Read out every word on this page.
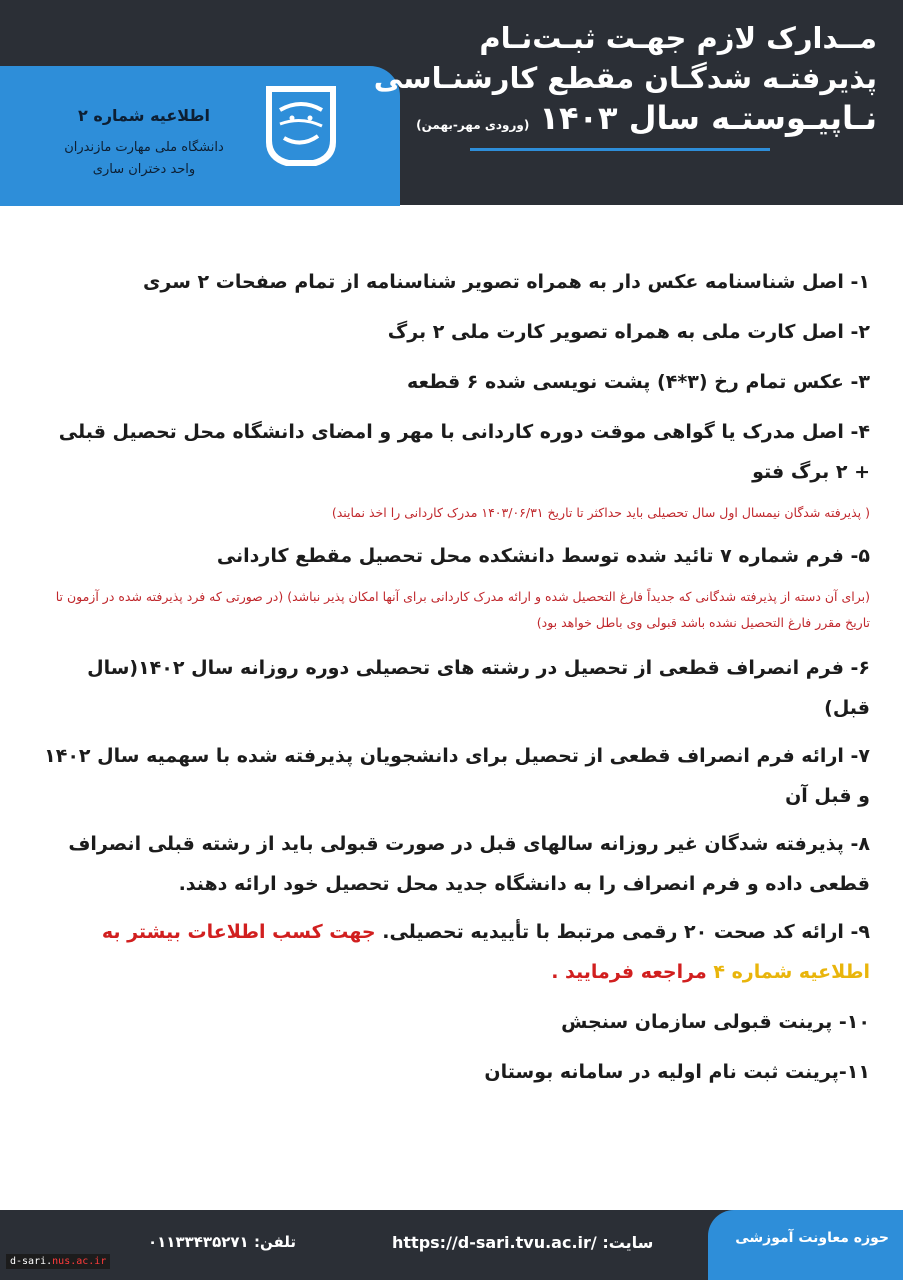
مــدارک لازم جهـت ثبـت‌نـام
پذیرفتـه شدگـان مقطع کارشنـاسی
نـاپیـوستـه سال ۱۴۰۳ (ورودی مهر-بهمن)
اطلاعیه شماره ۲
دانشگاه ملی مهارت مازندران
واحد دختران ساری
۱- اصل شناسنامه عکس دار به همراه تصویر شناسنامه از تمام صفحات ۲ سری
۲- اصل کارت ملی به همراه تصویر کارت ملی ۲ برگ
۳- عکس تمام رخ (۳*۴) پشت نویسی شده ۶ قطعه
۴- اصل مدرک یا گواهی موقت دوره کاردانی با مهر و امضای دانشگاه محل تحصیل قبلی + ۲ برگ فتو
( پذیرفته شدگان نیمسال اول سال تحصیلی باید حداکثر تا تاریخ ۱۴۰۳/۰۶/۳۱ مدرک کاردانی را اخذ نمایند)
۵- فرم شماره ۷ تائید شده توسط دانشکده محل تحصیل مقطع کاردانی
(برای آن دسته از پذیرفته شدگانی که جدیداً فارغ التحصیل شده و ارائه مدرک کاردانی برای آنها امکان پذیر نباشد) (در صورتی که فرد پذیرفته شده در آزمون تا تاریخ مقرر فارغ التحصیل نشده باشد قبولی وی باطل خواهد بود)
۶- فرم انصراف قطعی از تحصیل در رشته های تحصیلی دوره روزانه سال ۱۴۰۲(سال قبل)
۷- ارائه فرم انصراف قطعی از تحصیل برای دانشجویان پذیرفته شده با سهمیه سال ۱۴۰۲ و قبل آن
۸- پذیرفته شدگان غیر روزانه سالهای قبل در صورت قبولی باید از رشته قبلی انصراف قطعی داده و فرم انصراف را به دانشگاه جدید محل تحصیل خود ارائه دهند.
۹- ارائه کد صحت ۲۰ رقمی مرتبط با تأییدیه تحصیلی. جهت کسب اطلاعات بیشتر به اطلاعیه شماره ۴ مراجعه فرمایید .
۱۰- پرینت قبولی سازمان سنجش
۱۱-پرینت ثبت نام اولیه در سامانه بوستان
حوزه معاونت آموزشی
سایت: https://d-sari.tvu.ac.ir/
تلفن: ۰۱۱۳۳۴۳۵۲۷۱
d-sari.nus.ac.ir
